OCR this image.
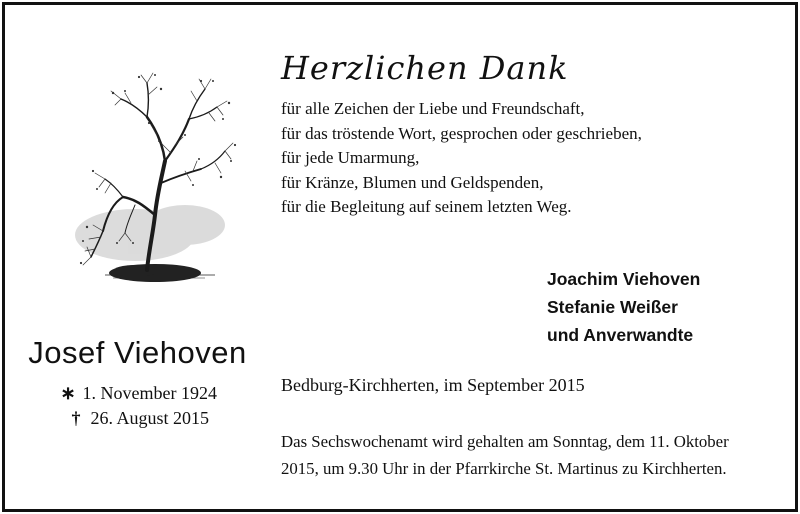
Herzlichen Dank
für alle Zeichen der Liebe und Freundschaft,
für das tröstende Wort, gesprochen oder geschrieben,
für jede Umarmung,
für Kränze, Blumen und Geldspenden,
für die Begleitung auf seinem letzten Weg.
Joachim Viehoven
Stefanie Weißer
und Anverwandte
Josef Viehoven
∗ 1. November 1924
† 26. August 2015
Bedburg-Kirchherten, im September 2015
Das Sechswochenamt wird gehalten am Sonntag, dem 11. Oktober
2015, um 9.30 Uhr in der Pfarrkirche St. Martinus zu Kirchherten.
